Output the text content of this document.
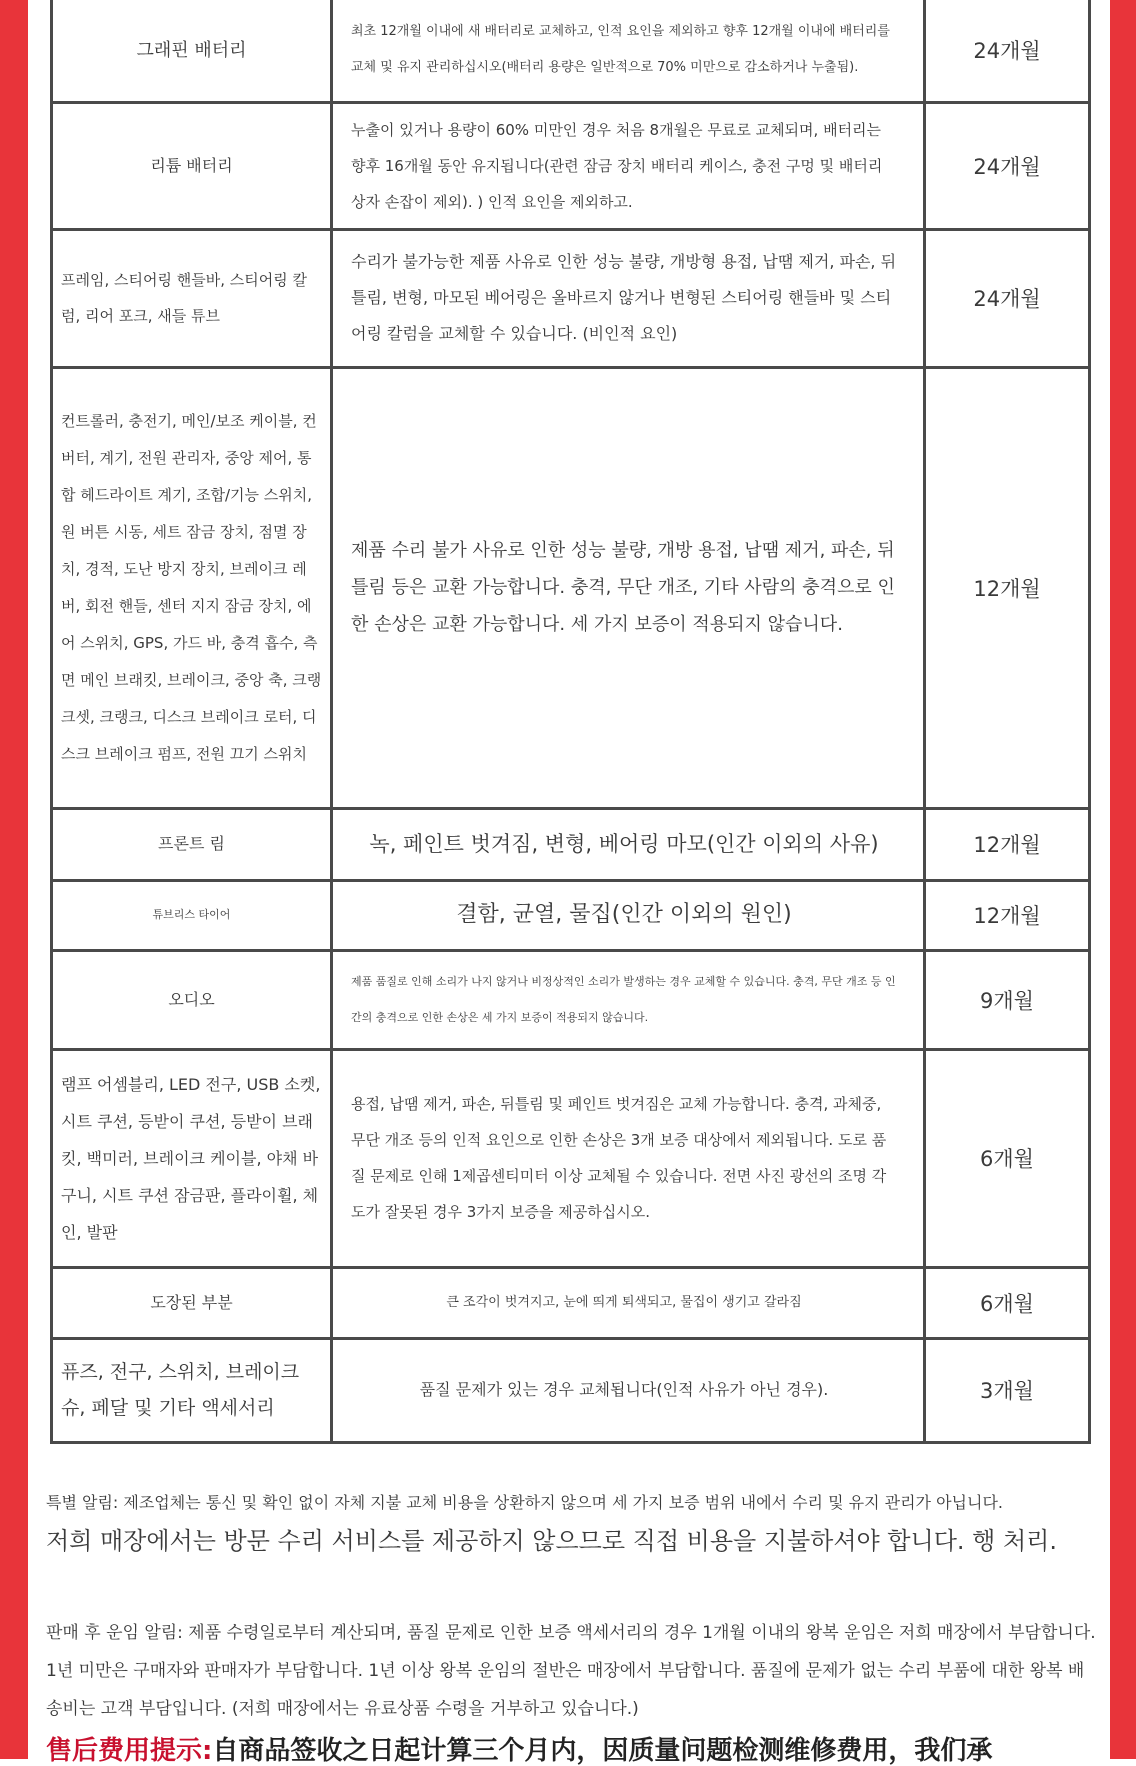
그래핀 배터리	최초 12개월 이내에 새 배터리로 교체하고, 인적 요인을 제외하고 향후 12개월 이내에 배터리를 교체 및 유지 관리하십시오(배터리 용량은 일반적으로 70% 미만으로 감소하거나 누출됨).	24개월
리튬 배터리	누출이 있거나 용량이 60% 미만인 경우 처음 8개월은 무료로 교체되며, 배터리는 향후 16개월 동안 유지됩니다(관련 잠금 장치 배터리 케이스, 충전 구멍 및 배터리 상자 손잡이 제외). ) 인적 요인을 제외하고.	24개월
프레임, 스티어링 핸들바, 스티어링 칼럼, 리어 포크, 새들 튜브	수리가 불가능한 제품 사유로 인한 성능 불량, 개방형 용접, 납땜 제거, 파손, 뒤틀림, 변형, 마모된 베어링은 올바르지 않거나 변형된 스티어링 핸들바 및 스티어링 칼럼을 교체할 수 있습니다. (비인적 요인)	24개월
컨트롤러, 충전기, 메인/보조 케이블, 컨버터, 계기, 전원 관리자, 중앙 제어, 통합 헤드라이트 계기, 조합/기능 스위치, 원 버튼 시동, 세트 잠금 장치, 점멸 장치, 경적, 도난 방지 장치, 브레이크 레버, 회전 핸들, 센터 지지 잠금 장치, 에어 스위치, GPS, 가드 바, 충격 흡수, 측면 메인 브래킷, 브레이크, 중앙 축, 크랭크셋, 크랭크, 디스크 브레이크 로터, 디스크 브레이크 펌프, 전원 끄기 스위치	제품 수리 불가 사유로 인한 성능 불량, 개방 용접, 납땜 제거, 파손, 뒤틀림 등은 교환 가능합니다. 충격, 무단 개조, 기타 사람의 충격으로 인한 손상은 교환 가능합니다. 세 가지 보증이 적용되지 않습니다.	12개월
프론트 림	녹, 페인트 벗겨짐, 변형, 베어링 마모(인간 이외의 사유)	12개월
튜브리스 타이어	결함, 균열, 물집(인간 이외의 원인)	12개월
오디오	제품 품질로 인해 소리가 나지 않거나 비정상적인 소리가 발생하는 경우 교체할 수 있습니다. 충격, 무단 개조 등 인간의 충격으로 인한 손상은 세 가지 보증이 적용되지 않습니다.	9개월
램프 어셈블리, LED 전구, USB 소켓, 시트 쿠션, 등받이 쿠션, 등받이 브래킷, 백미러, 브레이크 케이블, 야채 바구니, 시트 쿠션 잠금판, 플라이휠, 체인, 발판	용접, 납땜 제거, 파손, 뒤틀림 및 페인트 벗겨짐은 교체 가능합니다. 충격, 과체중, 무단 개조 등의 인적 요인으로 인한 손상은 3개 보증 대상에서 제외됩니다. 도로 품질 문제로 인해 1제곱센티미터 이상 교체될 수 있습니다. 전면 사진 광선의 조명 각도가 잘못된 경우 3가지 보증을 제공하십시오.	6개월
도장된 부분	큰 조각이 벗겨지고, 눈에 띄게 퇴색되고, 물집이 생기고 갈라짐	6개월
퓨즈, 전구, 스위치, 브레이크 슈, 페달 및 기타 액세서리	품질 문제가 있는 경우 교체됩니다(인적 사유가 아닌 경우).	3개월
특별 알림: 제조업체는 통신 및 확인 없이 자체 지불 교체 비용을 상환하지 않으며 세 가지 보증 범위 내에서 수리 및 유지 관리가 아닙니다.
저희 매장에서는 방문 수리 서비스를 제공하지 않으므로 직접 비용을 지불하셔야 합니다. 행 처리.
판매 후 운임 알림: 제품 수령일로부터 계산되며, 품질 문제로 인한 보증 액세서리의 경우 1개월 이내의 왕복 운임은 저희 매장에서 부담합니다. 1년 미만은 구매자와 판매자가 부담합니다. 1년 이상 왕복 운임의 절반은 매장에서 부담합니다. 품질에 문제가 없는 수리 부품에 대한 왕복 배송비는 고객 부담입니다. (저희 매장에서는 유료상품 수령을 거부하고 있습니다.)
售后费用提示:自商品签收之日起计算三个月内，因质量问题检测维修费用，我们承
